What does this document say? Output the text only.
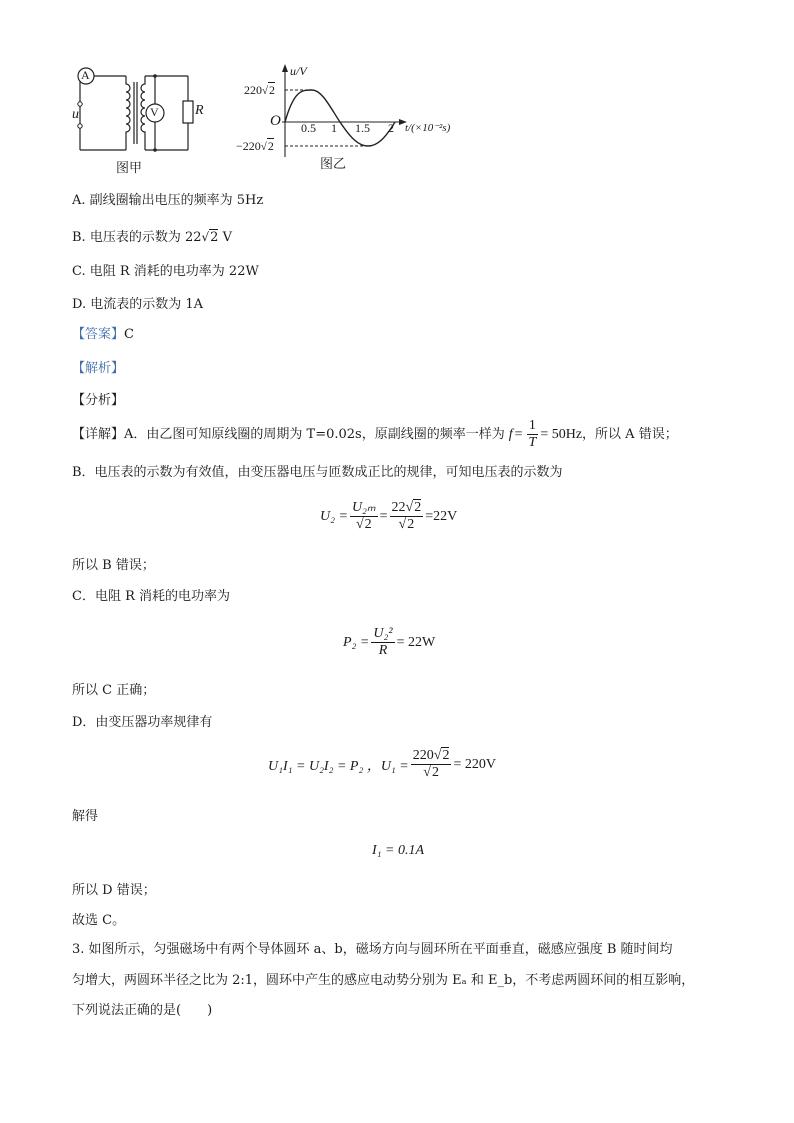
A
V
u	R
图甲
u/V
220√2
−220√2
O 0.5 1 1.5 2 t/(×10⁻²s)
图乙
A. 副线圈输出电压的频率为 5Hz
B. 电压表的示数为 22√2 V
C. 电阻 R 消耗的电功率为 22W
D. 电流表的示数为 1A
【答案】C
【解析】
【分析】
【详解】 A．由乙图可知原线圈的周期为 T=0.02s，原副线圈的频率一样为 $f = \frac{1}{T} = 50Hz$ ，所以 A 错误；
B．电压表的示数为有效值，由变压器电压与匝数成正比的规律，可知电压表的示数为
$U_2 = \frac{\text{U₂ₘ}}{√2} = \frac{22√2}{√2} =22V$
所以 B 错误；
C．电阻 R 消耗的电功率为
$P_2 = \frac{\text{U₂²}}{R} = 22W$
所以 C 正确；
D．由变压器功率规律有
U₁I₁ = U₂I₂ = P₂ ，$U_1 = \frac{220√2}{√2} = 220V$
解得
I₁ = 0.1A
所以 D 错误；
故选 C。
3. 如图所示，匀强磁场中有两个导体圆环 a、b，磁场方向与圆环所在平面垂直，磁感应强度 B 随时间均
匀增大，两圆环半径之比为 2:1，圆环中产生的感应电动势分别为 Eₐ 和 E_b，不考虑两圆环间的相互影响，
下列说法正确的是(　　)
